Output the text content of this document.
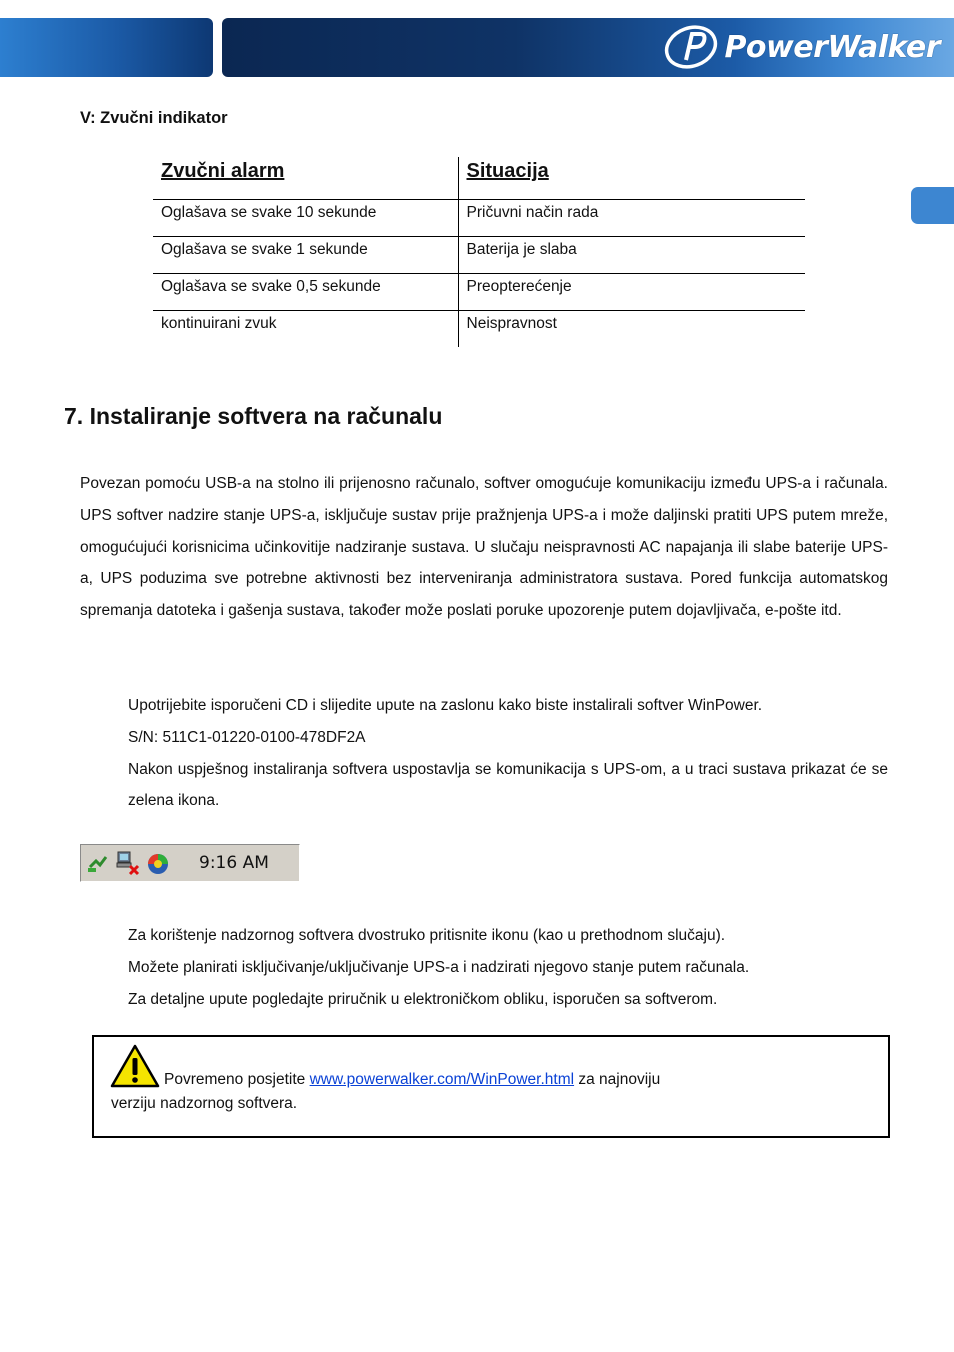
PowerWalker
V: Zvučni indikator
Zvučni alarm	Situacija
Oglašava se svake 10 sekunde	Pričuvni način rada
Oglašava se svake 1 sekunde	Baterija je slaba
Oglašava se svake 0,5 sekunde	Preopterećenje
kontinuirani zvuk	Neispravnost
7. Instaliranje softvera na računalu

Povezan pomoću USB-a na stolno ili prijenosno računalo, softver omogućuje komunikaciju između UPS-a i računala. UPS softver nadzire stanje UPS-a, isključuje sustav prije pražnjenja UPS-a i može daljinski pratiti UPS putem mreže, omogućujući korisnicima učinkovitije nadziranje sustava. U slučaju neispravnosti AC napajanja ili slabe baterije UPS-a, UPS poduzima sve potrebne aktivnosti bez interveniranja administratora sustava. Pored funkcija automatskog spremanja datoteka i gašenja sustava, također može poslati poruke upozorenje putem dojavljivača, e-pošte itd.

Upotrijebite isporučeni CD i slijedite upute na zaslonu kako biste instalirali softver WinPower.

S/N: 511C1-01220-0100-478DF2A

Nakon uspješnog instaliranja softvera uspostavlja se komunikacija s UPS-om, a u traci sustava prikazat će se zelena ikona.

9:16 AM

Za korištenje nadzornog softvera dvostruko pritisnite ikonu (kao u prethodnom slučaju).

Možete planirati isključivanje/uključivanje UPS-a i nadzirati njegovo stanje putem računala.

Za detaljne upute pogledajte priručnik u elektroničkom obliku, isporučen sa softverom.

Povremeno posjetite www.powerwalker.com/WinPower.html za najnoviju
verziju nadzornog softvera.
